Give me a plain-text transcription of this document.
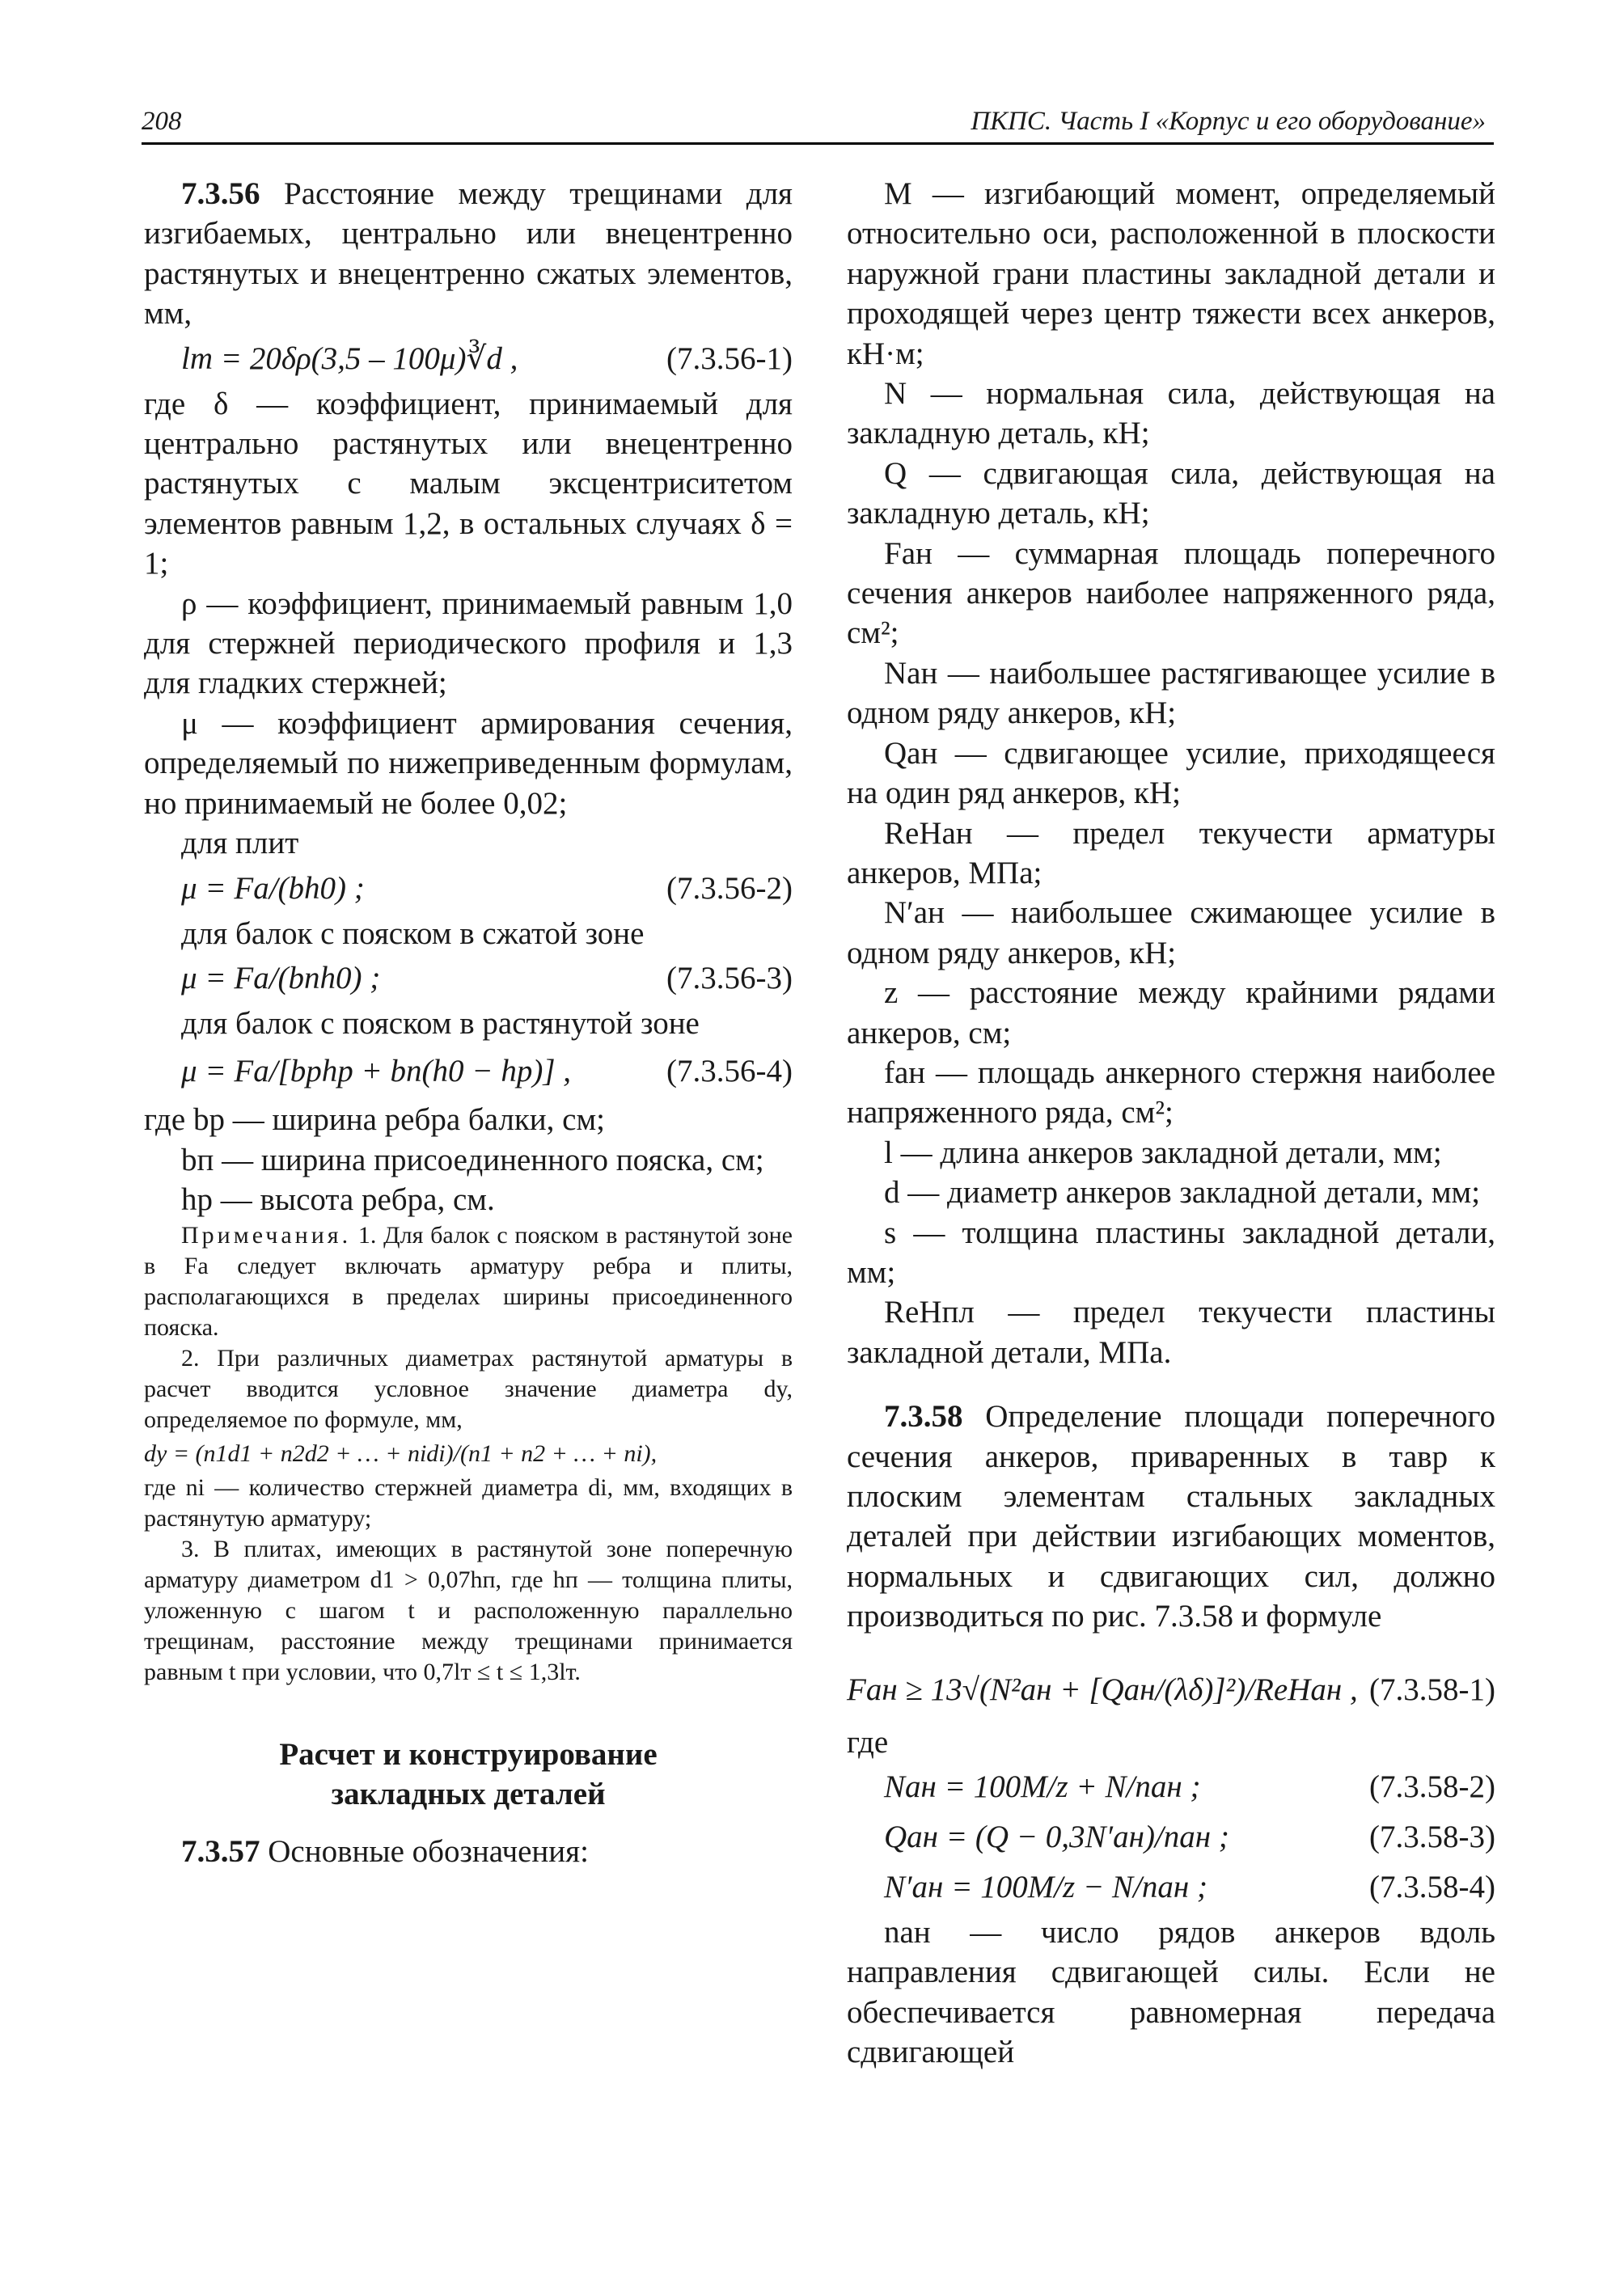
208	ПКПС. Часть I «Корпус и его оборудование»

7.3.56 Расстояние между трещинами для изгибаемых, центрально или внецентренно растянутых и внецентренно сжатых элементов, мм,

lт = 20δρ(3,5 – 100μ)∛d ,	(7.3.56-1)

где δ — коэффициент, принимаемый для центрально растянутых или внецентренно растянутых с малым эксцентриситетом элементов равным 1,2, в остальных случаях δ = 1;

ρ — коэффициент, принимаемый равным 1,0 для стержней периодического профиля и 1,3 для гладких стержней;

μ — коэффициент армирования сечения, определяемый по нижеприведенным формулам, но принимаемый не более 0,02;

для плит

μ = Fa/(bh0) ;	(7.3.56-2)

для балок с пояском в сжатой зоне

μ = Fa/(bпh0) ;	(7.3.56-3)

для балок с пояском в растянутой зоне

μ = Fa/[bрhр + bп(h0 − hр)] ,	(7.3.56-4)

где bр — ширина ребра балки, см;

bп — ширина присоединенного пояска, см;

hр — высота ребра, см.

Примечания. 1. Для балок с пояском в растянутой зоне в Fа следует включать арматуру ребра и плиты, располагающихся в пределах ширины присоединенного пояска.

2. При различных диаметрах растянутой арматуры в расчет вводится условное значение диаметра dy, определяемое по формуле, мм,

dy = (n1d1 + n2d2 + … + nidi)/(n1 + n2 + … + ni),

где ni — количество стержней диаметра di, мм, входящих в растянутую арматуру;

3. В плитах, имеющих в растянутой зоне поперечную арматуру диаметром d1 > 0,07hп, где hп — толщина плиты, уложенную с шагом t и расположенную параллельно трещинам, расстояние между трещинами принимается равным t при условии, что 0,7lт ≤ t ≤ 1,3lт.

Расчет и конструирование

закладных деталей

7.3.57 Основные обозначения:

M — изгибающий момент, определяемый относительно оси, расположенной в плоскости наружной грани пластины закладной детали и проходящей через центр тяжести всех анкеров, кН·м;

N — нормальная сила, действующая на закладную деталь, кН;

Q — сдвигающая сила, действующая на закладную деталь, кН;

Fан — суммарная площадь поперечного сечения анкеров наиболее напряженного ряда, см²;

Nан — наибольшее растягивающее усилие в одном ряду анкеров, кН;

Qан — сдвигающее усилие, приходящееся на один ряд анкеров, кН;

RеНан — предел текучести арматуры анкеров, МПа;

N′ан — наибольшее сжимающее усилие в одном ряду анкеров, кН;

z — расстояние между крайними рядами анкеров, см;

fан — площадь анкерного стержня наиболее напряженного ряда, см²;

l — длина анкеров закладной детали, мм;

d — диаметр анкеров закладной детали, мм;

s — толщина пластины закладной детали, мм;

RеНпл — предел текучести пластины закладной детали, МПа.

7.3.58 Определение площади поперечного сечения анкеров, приваренных в тавр к плоским элементам стальных закладных деталей при действии изгибающих моментов, нормальных и сдвигающих сил, должно производиться по рис. 7.3.58 и формуле

Fан ≥ 13√(N²ан + [Qан/(λδ)]²)/RеНан , (7.3.58-1)

где

Nан = 100M/z + N/nан ;	(7.3.58-2)
Qан = (Q − 0,3N′ан)/nан ;	(7.3.58-3)
N′ан = 100M/z − N/nан ;	(7.3.58-4)

nан — число рядов анкеров вдоль направления сдвигающей силы. Если не обеспечивается равномерная передача сдвигающей
